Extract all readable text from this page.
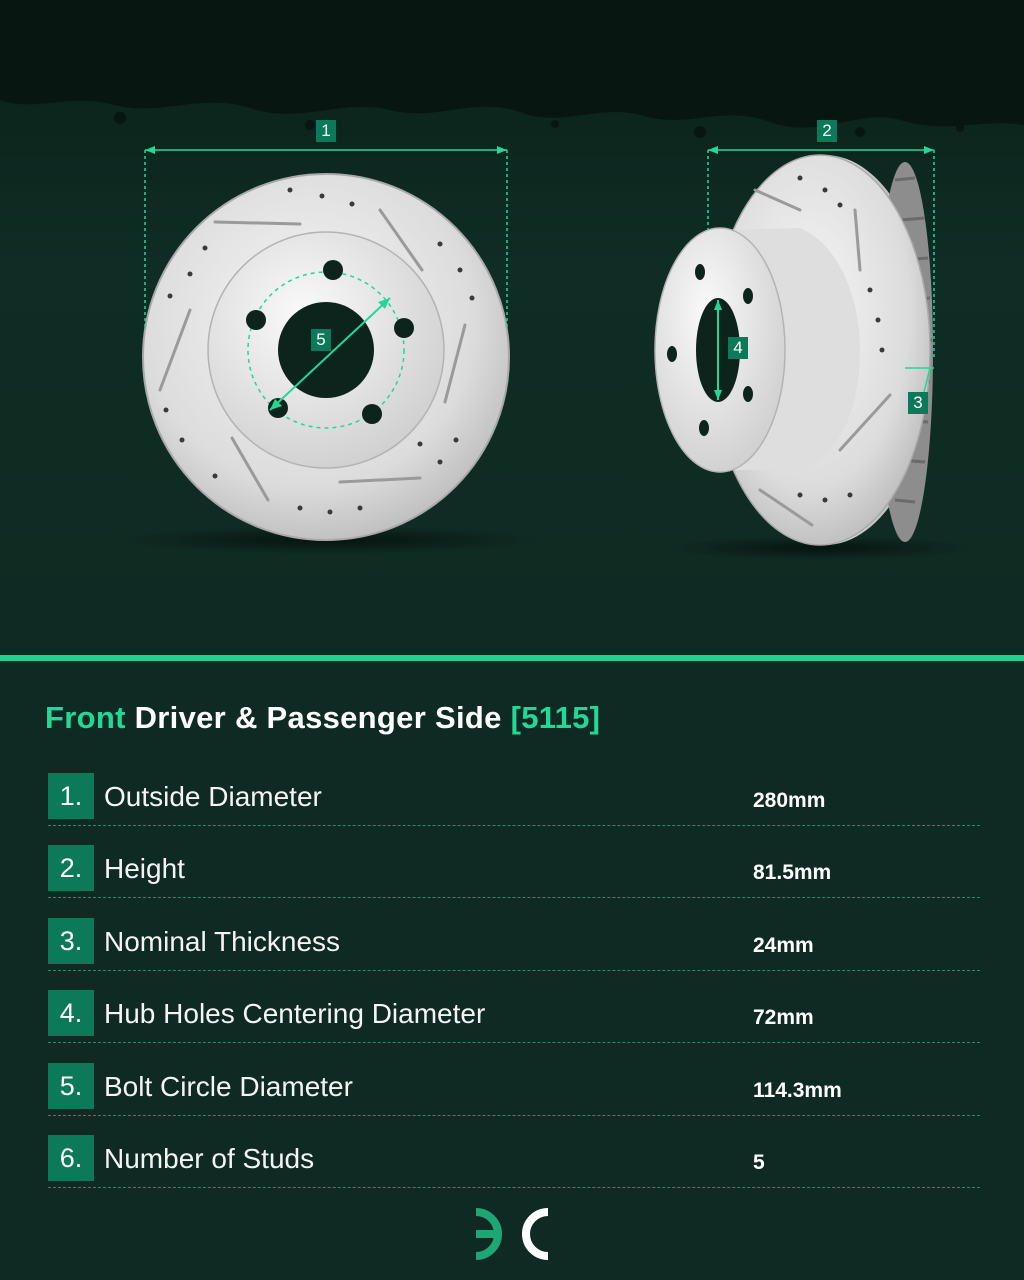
1	2
3
4
5
Front Driver & Passenger Side [5115]
1. Outside Diameter	280mm
2. Height	81.5mm
3. Nominal Thickness	24mm
4. Hub Holes Centering Diameter	72mm
5. Bolt Circle Diameter	114.3mm
6. Number of Studs	5
